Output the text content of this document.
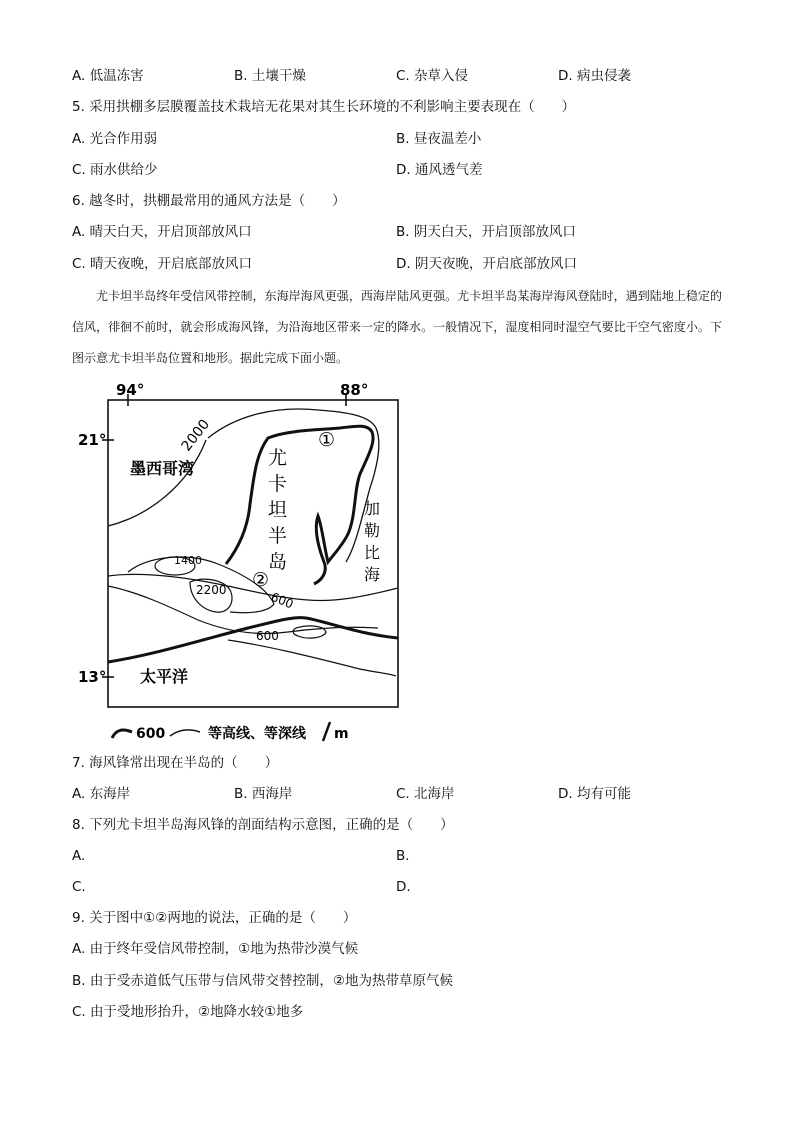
A. 低温冻害	B. 土壤干燥	C. 杂草入侵	D. 病虫侵袭
5. 采用拱棚多层膜覆盖技术栽培无花果对其生长环境的不利影响主要表现在（　　）
A. 光合作用弱	B. 昼夜温差小
C. 雨水供给少	D. 通风透气差
6. 越冬时，拱棚最常用的通风方法是（　　）
A. 晴天白天，开启顶部放风口	B. 阴天白天，开启顶部放风口
C. 晴天夜晚，开启底部放风口	D. 阴天夜晚，开启底部放风口

尤卡坦半岛终年受信风带控制，东海岸海风更强，西海岸陆风更强。尤卡坦半岛某海岸海风登陆时，遇到陆地上稳定的信风，徘徊不前时，就会形成海风锋，为沿海地区带来一定的降水。一般情况下，湿度相同时湿空气要比干空气密度小。下图示意尤卡坦半岛位置和地形。据此完成下面小题。

94°	88°
21°
13°
2000
1400
2200	600
600
墨西哥湾	尤
卡
坦
半
岛
加
勒
比
海
太平洋
①
②
600	等高线、等深线 m
7. 海风锋常出现在半岛的（　　）
A. 东海岸	B. 西海岸	C. 北海岸	D. 均有可能
8. 下列尤卡坦半岛海风锋的剖面结构示意图，正确的是（　　）
A.	B.
C.	D.
9. 关于图中①②两地的说法，正确的是（　　）
A. 由于终年受信风带控制，①地为热带沙漠气候
B. 由于受赤道低气压带与信风带交替控制，②地为热带草原气候
C. 由于受地形抬升，②地降水较①地多
